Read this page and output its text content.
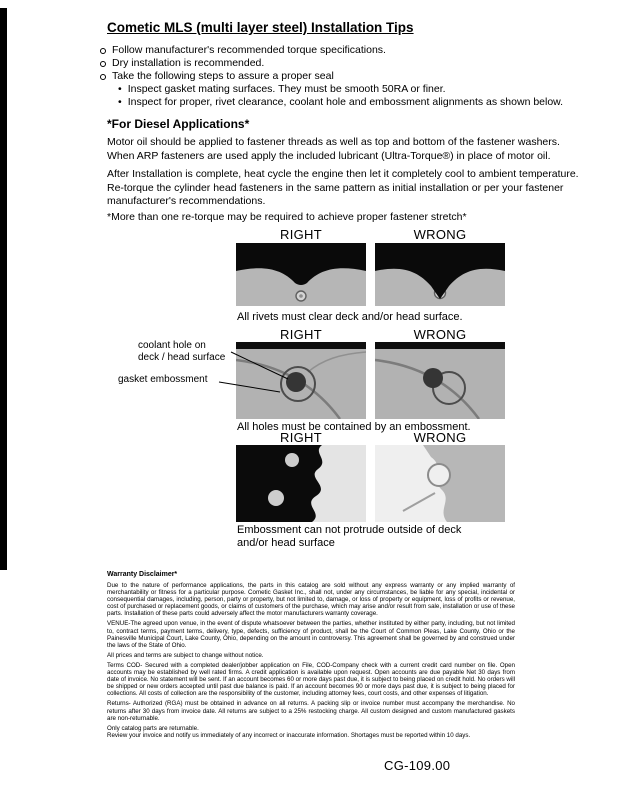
Cometic MLS (multi layer steel) Installation Tips
Follow manufacturer's recommended torque specifications.
Dry installation is recommended.
Take the following steps to assure a proper seal
• Inspect gasket mating surfaces. They must be smooth 50RA or finer.
• Inspect for proper, rivet clearance, coolant hole and embossment alignments as shown below.
*For Diesel Applications*
Motor oil should be applied to fastener threads as well as top and bottom of the fastener washers. When ARP fasteners are used apply the included lubricant (Ultra-Torque®) in place of motor oil.
After Installation is complete, heat cycle the engine then let it completely cool to ambient temperature. Re-torque the cylinder head fasteners in the same pattern as initial installation or per your fastener manufacturer's recommendations.
*More than one re-torque may be required to achieve proper fastener stretch*
RIGHT	WRONG
All rivets must clear deck and/or head surface.
RIGHT	WRONG
coolant hole on
deck / head surface
gasket embossment
All holes must be contained by an embossment.
RIGHT	WRONG
Embossment can not protrude outside of deck
and/or head surface
Warranty Disclaimer*

Due to the nature of performance applications, the parts in this catalog are sold without any express warranty or any implied warranty of merchantability or fitness for a particular purpose. Cometic Gasket Inc., shall not, under any circumstances, be liable for any special, incidental or consequential damages, including, person, party or property, but not limited to, damage, or loss of property or equipment, loss of profits or revenue, cost of purchased or replacement goods, or claims of customers of the purchase, which may arise and/or result from sale, installation or use of these parts. Installation of these parts could adversely affect the motor manufacturers warranty coverage.

VENUE-The agreed upon venue, in the event of dispute whatsoever between the parties, whether instituted by either party, including, but not limited to, contract terms, payment terms, delivery, type, defects, sufficiency of product, shall be the Court of Common Pleas, Lake County, Ohio or the Painesville Municipal Court, Lake County, Ohio, depending on the amount in controversy. This agreement shall be governed by and construed under the laws of the State of Ohio.

All prices and terms are subject to change without notice.

Terms COD- Secured with a completed dealer/jobber application on File, COD-Company check with a current credit card number on file. Open accounts may be established by well rated firms. A credit application is available upon request. Open accounts are due payable Net 30 days from date of invoice. No statement will be sent. If an account becomes 60 or more days past due, it is subject to being placed on credit hold. No orders will be shipped or new orders accepted until past due balance is paid. If an account becomes 90 or more days past due, it is subject to being placed for collections. All costs of collection are the responsibility of the customer, including attorney fees, court costs, and other expenses of litigation.

Returns- Authorized (RGA) must be obtained in advance on all returns. A packing slip or invoice number must accompany the merchandise. No returns after 30 days from invoice date. All returns are subject to a 25% restocking charge. All custom designed and custom manufactured gaskets are non-returnable.

Only catalog parts are returnable.

Review your invoice and notify us immediately of any incorrect or inaccurate information. Shortages must be reported within 10 days.

CG-109.00
